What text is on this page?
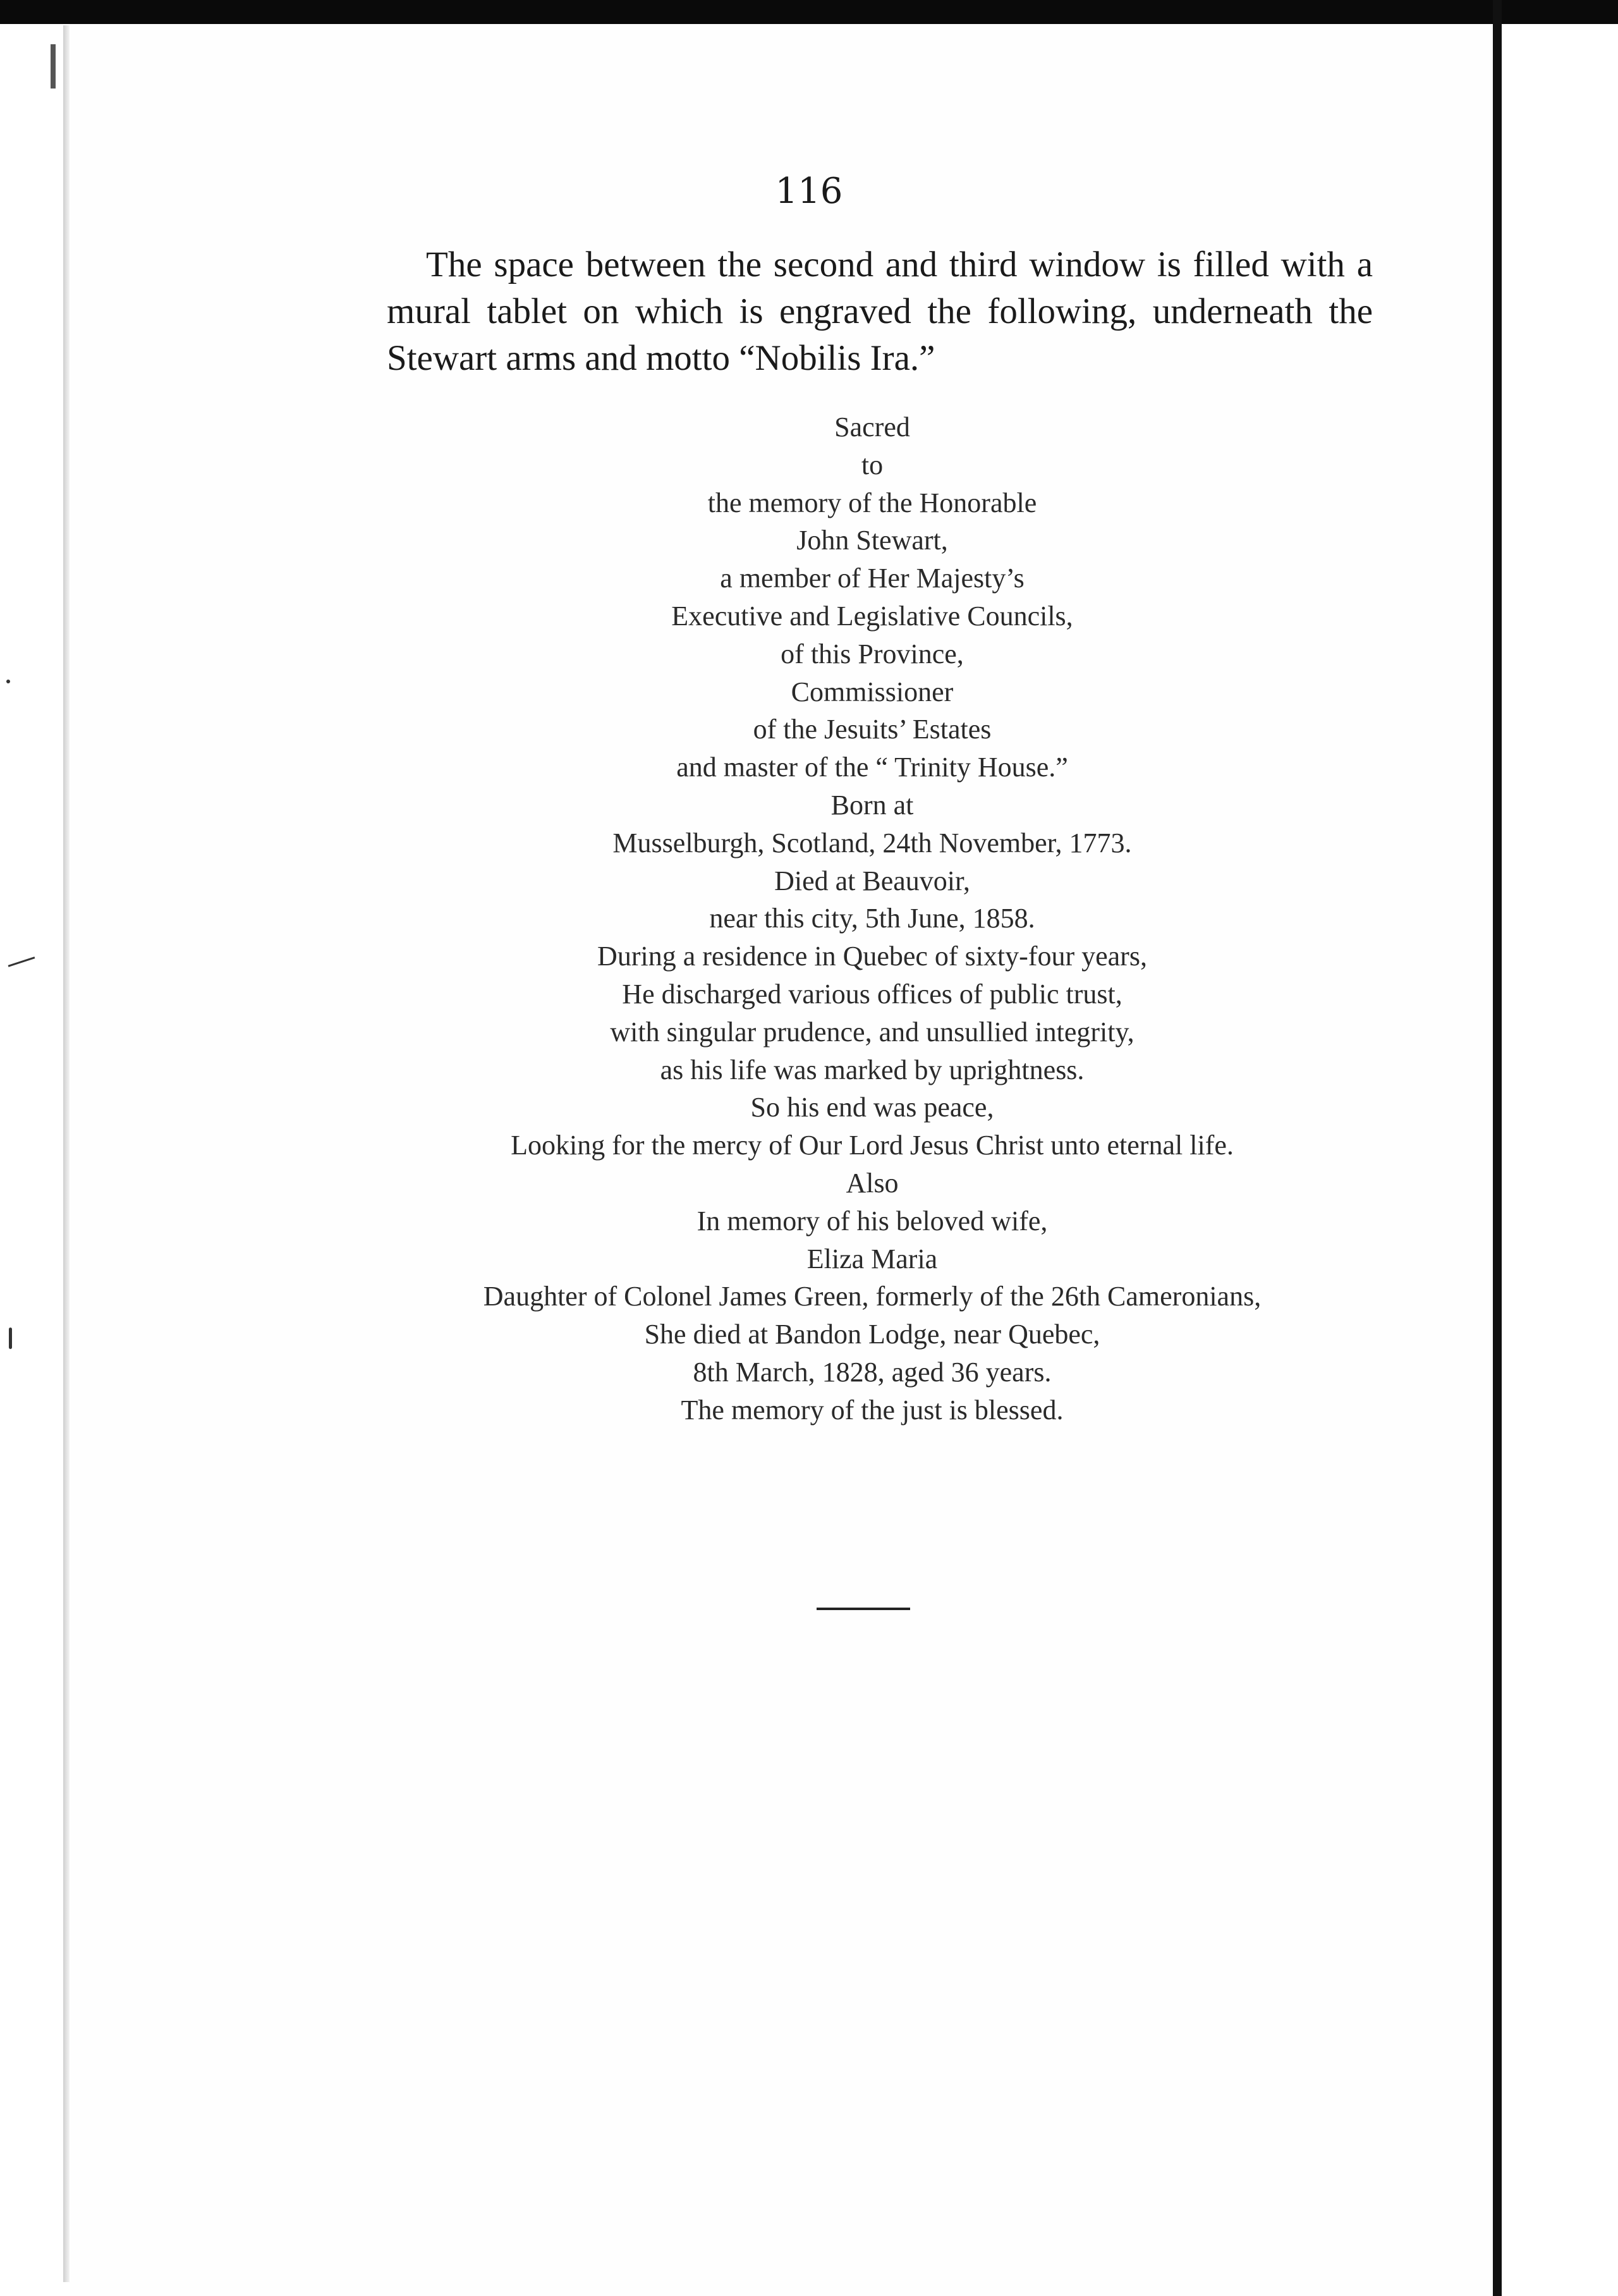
116
The space between the second and third window is filled with a mural tablet on which is engraved the following, underneath the Stewart arms and motto “Nobilis Ira.”
Sacred
to
the memory of the Honorable
John Stewart,
a member of Her Majesty’s
Executive and Legislative Councils,
of this Province,
Commissioner
of the Jesuits’ Estates
and master of the “ Trinity House.”
Born at
Musselburgh, Scotland, 24th November, 1773.
Died at Beauvoir,
near this city, 5th June, 1858.
During a residence in Quebec of sixty-four years,
He discharged various offices of public trust,
with singular prudence, and unsullied integrity,
as his life was marked by uprightness.
So his end was peace,
Looking for the mercy of Our Lord Jesus Christ unto eternal life.
Also
In memory of his beloved wife,
Eliza Maria
Daughter of Colonel James Green, formerly of the 26th Cameronians,
She died at Bandon Lodge, near Quebec,
8th March, 1828, aged 36 years.
The memory of the just is blessed.
